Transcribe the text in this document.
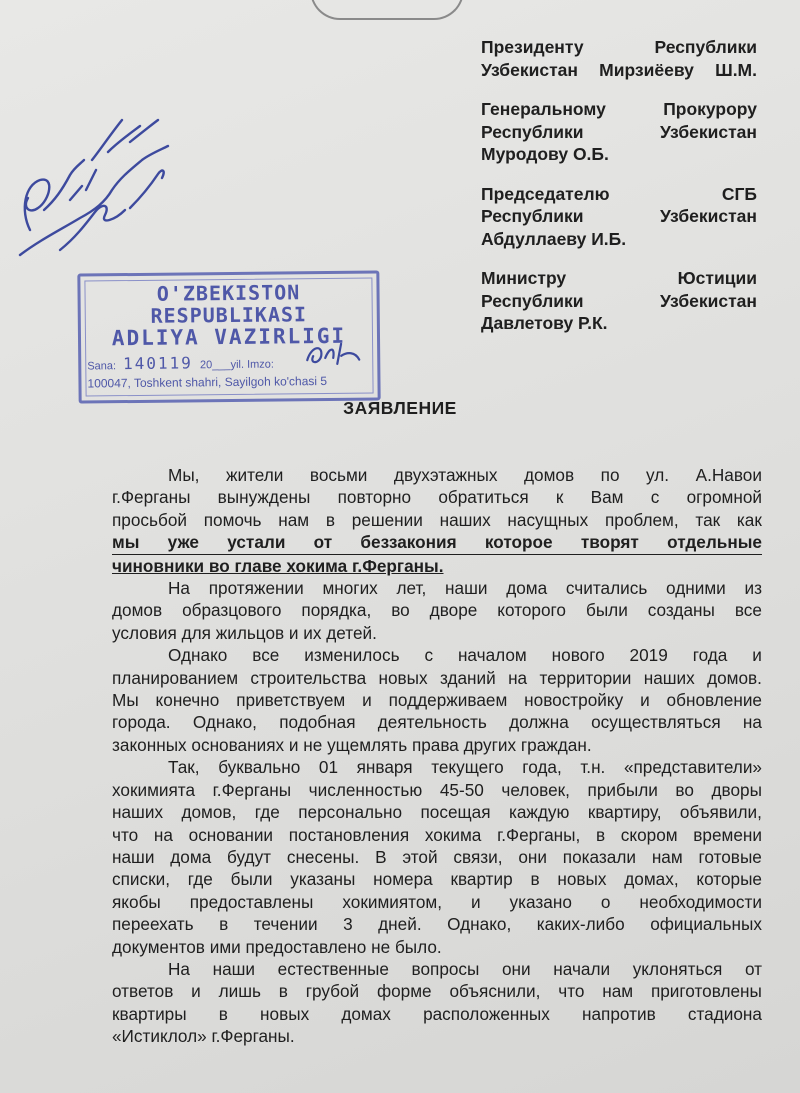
Президенту	Республики
Узбекистан Мирзиёеву Ш.М.
Генеральному	Прокурору
Республики	Узбекистан
Муродову О.Б.
Председателю	СГБ
Республики	Узбекистан
Абдуллаеву И.Б.
Министру	Юстиции
Республики	Узбекистан
Давлетову Р.К.
O'ZBEKISTON
RESPUBLIKASI
ADLIYA VAZIRLIGI
Sana: 140119 20___yil. Imzo:
100047, Toshkent shahri, Sayilgoh ko'chasi 5
ЗАЯВЛЕНИЕ
Мы, жители восьми двухэтажных домов по ул. А.Навои
г.Ферганы вынуждены повторно обратиться к Вам с огромной
просьбой помочь нам в решении наших насущных проблем, так как
мы уже устали от беззакония которое творят отдельные
чиновники во главе хокима г.Ферганы.
На протяжении многих лет, наши дома считались одними из
домов образцового порядка, во дворе которого были созданы все
условия для жильцов и их детей.
Однако все изменилось с началом нового 2019 года и
планированием строительства новых зданий на территории наших домов.
Мы конечно приветствуем и поддерживаем новостройку и обновление
города. Однако, подобная деятельность должна осуществляться на
законных основаниях и не ущемлять права других граждан.
Так, буквально 01 января текущего года, т.н. «представители»
хокимията г.Ферганы численностью 45-50 человек, прибыли во дворы
наших домов, где персонально посещая каждую квартиру, объявили,
что на основании постановления хокима г.Ферганы, в скором времени
наши дома будут снесены. В этой связи, они показали нам готовые
списки, где были указаны номера квартир в новых домах, которые
якобы предоставлены хокимиятом, и указано о необходимости
переехать в течении 3 дней. Однако, каких-либо официальных
документов ими предоставлено не было.
На наши естественные вопросы они начали уклоняться от
ответов и лишь в грубой форме объяснили, что нам приготовлены
квартиры в новых домах расположенных напротив стадиона
«Истиклол» г.Ферганы.
